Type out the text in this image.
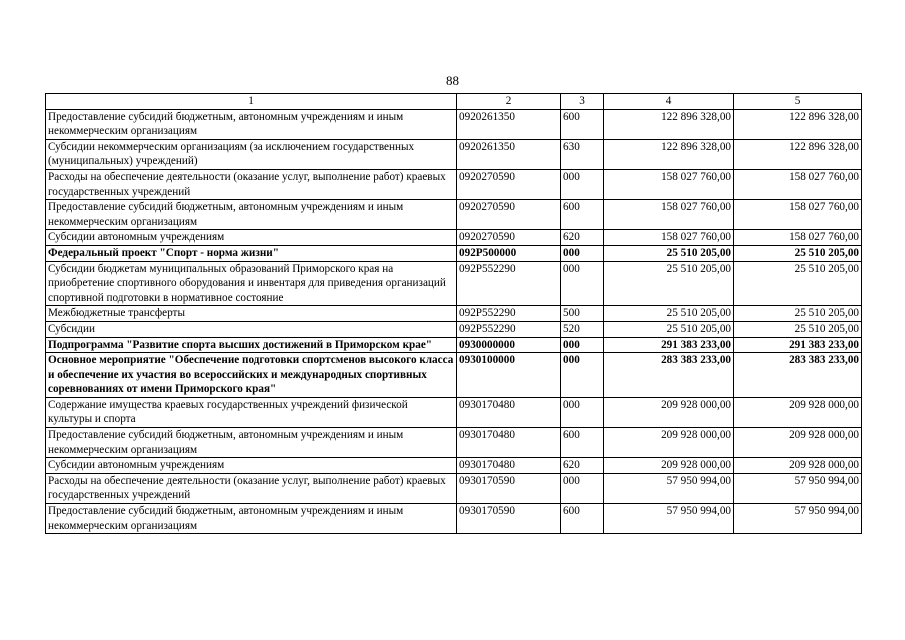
88
1	2	3	4	5
Предоставление субсидий бюджетным, автономным учреждениям и иным некоммерческим организациям	0920261350	600	122 896 328,00	122 896 328,00
Субсидии некоммерческим организациям (за исключением государственных (муниципальных) учреждений)	0920261350	630	122 896 328,00	122 896 328,00
Расходы на обеспечение деятельности (оказание услуг, выполнение работ) краевых государственных учреждений	0920270590	000	158 027 760,00	158 027 760,00
Предоставление субсидий бюджетным, автономным учреждениям и иным некоммерческим организациям	0920270590	600	158 027 760,00	158 027 760,00
Субсидии автономным учреждениям	0920270590	620	158 027 760,00	158 027 760,00
Федеральный проект "Спорт - норма жизни"	092P500000	000	25 510 205,00	25 510 205,00
Субсидии бюджетам муниципальных образований Приморского края на приобретение спортивного оборудования и инвентаря для приведения организаций спортивной подготовки в нормативное состояние	092P552290	000	25 510 205,00	25 510 205,00
Межбюджетные трансферты	092P552290	500	25 510 205,00	25 510 205,00
Субсидии	092P552290	520	25 510 205,00	25 510 205,00
Подпрограмма "Развитие спорта высших достижений в Приморском крае"	0930000000	000	291 383 233,00	291 383 233,00
Основное мероприятие "Обеспечение подготовки спортсменов высокого класса и обеспечение их участия во всероссийских и международных спортивных соревнованиях от имени Приморского края"	0930100000	000	283 383 233,00	283 383 233,00
Содержание имущества краевых государственных учреждений физической культуры и спорта	0930170480	000	209 928 000,00	209 928 000,00
Предоставление субсидий бюджетным, автономным учреждениям и иным некоммерческим организациям	0930170480	600	209 928 000,00	209 928 000,00
Субсидии автономным учреждениям	0930170480	620	209 928 000,00	209 928 000,00
Расходы на обеспечение деятельности (оказание услуг, выполнение работ) краевых государственных учреждений	0930170590	000	57 950 994,00	57 950 994,00
Предоставление субсидий бюджетным, автономным учреждениям и иным некоммерческим организациям	0930170590	600	57 950 994,00	57 950 994,00
